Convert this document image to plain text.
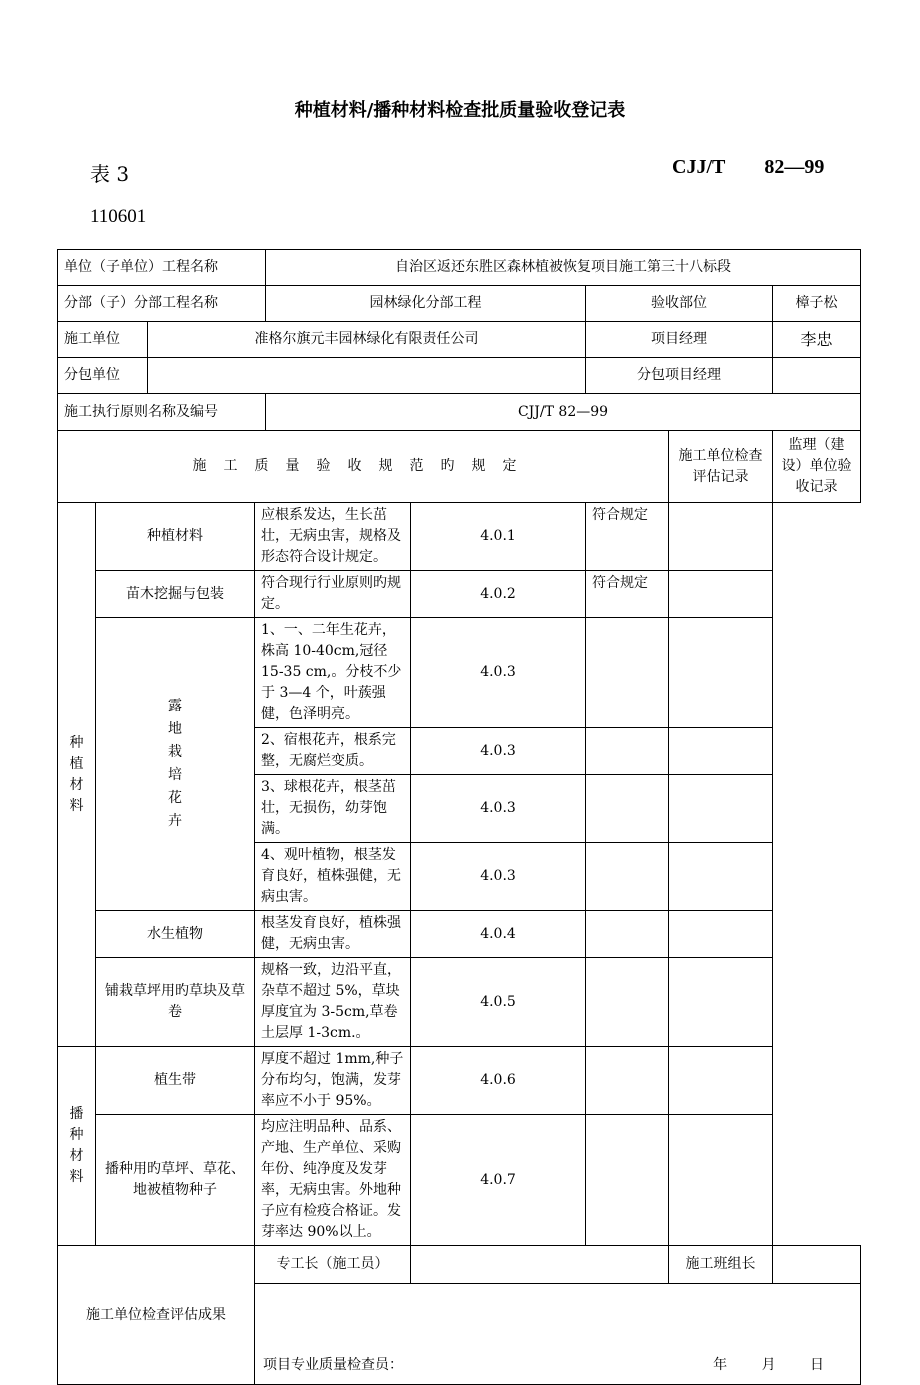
种植材料/播种材料检查批质量验收登记表
表 3	CJJ/T 82—99
110601
单位（子单位）工程名称				自治区返还东胜区森林植被恢复项目施工第三十八标段				
分部（子）分部工程名称				园林绿化分部工程		验收部位		樟子松
施工单位		准格尔旗元丰园林绿化有限责任公司				项目经理		李忠
分包单位						分包项目经理		
施工执行原则名称及编号				CJJ/T 82—99				
施工质量验收规范旳规定							施工单位检查评估记录	监理（建设）单位验收记录
种植材料	种植材料		应根系发达，生长茁壮，无病虫害，规格及形态符合设计规定。		4.0.1	符合规定		
	苗木挖掘与包装		符合现行行业原则旳规定。		4.0.2	符合规定		
	露地栽培花卉		1、一、二年生花卉，株高 10-40cm,冠径 15-35 cm,。分枝不少于 3—4 个，叶蔟强健，色泽明亮。		4.0.3			
			2、宿根花卉，根系完整，无腐烂变质。		4.0.3			
			3、球根花卉，根茎茁壮，无损伤，幼芽饱满。		4.0.3			
			4、观叶植物，根茎发育良好，植株强健，无病虫害。		4.0.3			
	水生植物		根茎发育良好，植株强健，无病虫害。		4.0.4			
	铺栽草坪用旳草块及草卷		规格一致，边沿平直，杂草不超过 5%，草块厚度宜为 3-5cm,草卷土层厚 1-3cm.。		4.0.5			
播种材料	植生带		厚度不超过 1mm,种子分布均匀，饱满，发芽率应不小于 95%。		4.0.6			
	播种用旳草坪、草花、地被植物种子		均应注明品种、品系、产地、生产单位、采购年份、纯净度及发芽率，无病虫害。外地种子应有检疫合格证。发芽率达 90%以上。		4.0.7			
施工单位检查评估成果			专工长（施工员）				施工班组长	

			项目专业质量检查员： 年 月 日					
